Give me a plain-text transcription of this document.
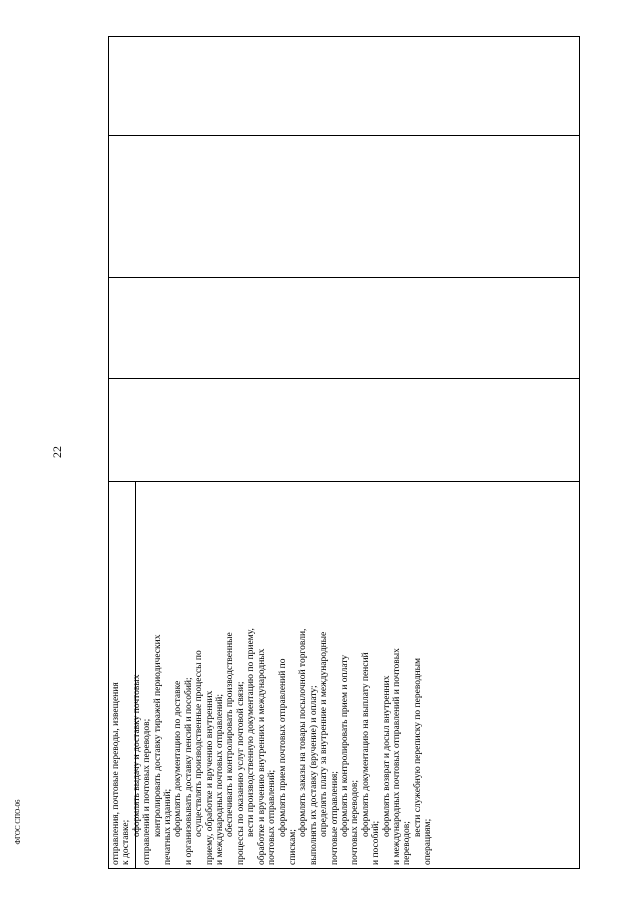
22
отправления, почтовые переводы, извещения к доставке;
оформлять выдачу и доставку почтовых отправлений и почтовых переводов; контролировать доставку тиражей периодических печатных изданий; оформлять документацию по доставке и организовывать доставку пенсий и пособий; осуществлять производственные процессы по приему, обработке и вручению внутренних и международных почтовых отправлений; обеспечивать и контролировать производственные процессы по оказанию услуг почтовой связи; вести производственную документацию по приему, обработке и вручению внутренних и международных почтовых отправлений; оформлять прием почтовых отправлений по
спискам;
оформлять заказы на товары посылочной торговли, выполнять их доставку (вручение) и оплату; определять плату за внутренние и международные почтовые отправления; оформлять и контролировать прием и оплату почтовых переводов; оформлять документацию на выплату пенсий
и пособий;
оформлять возврат и досыл внутренних и международных почтовых отправлений и почтовых переводов;
вести служебную переписку по переводным
операциям;
ФГОС СПО-06
